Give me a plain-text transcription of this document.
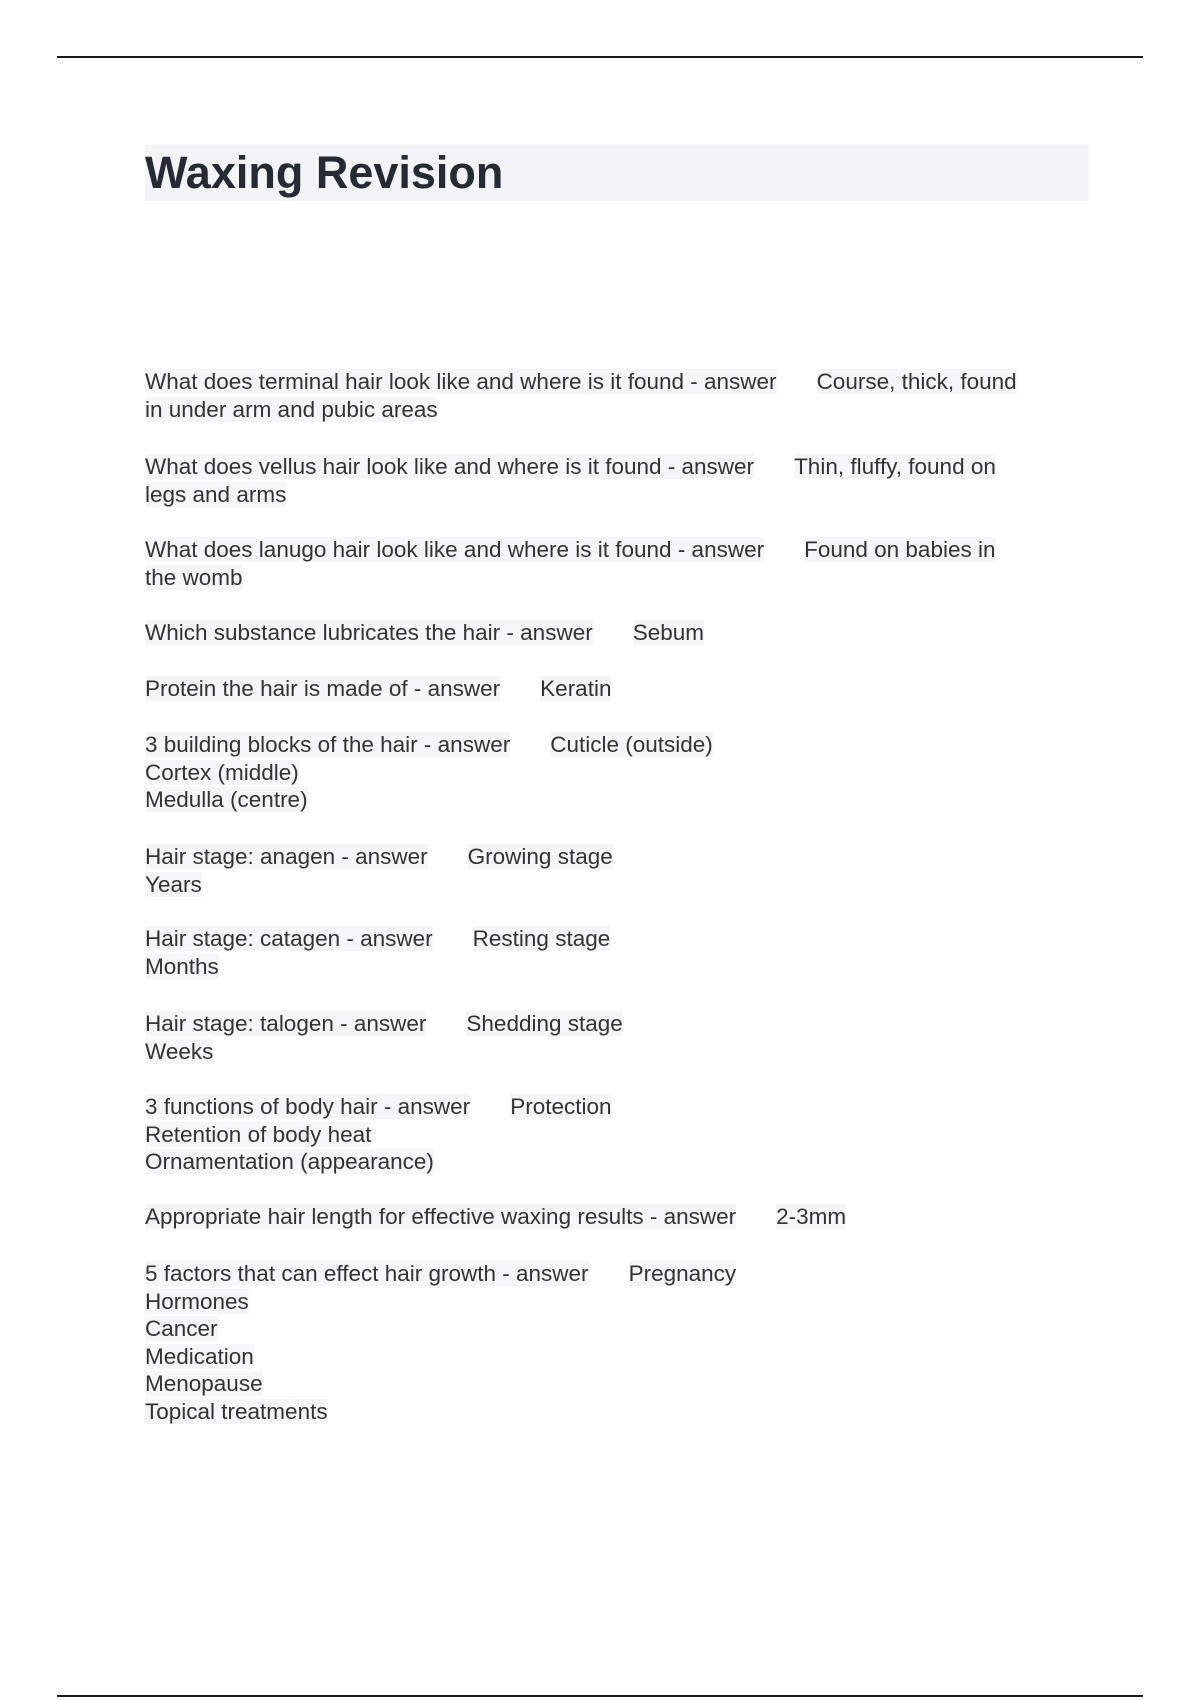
Waxing Revision
What does terminal hair look like and where is it found - answer Course, thick, found
in under arm and pubic areas
What does vellus hair look like and where is it found - answer Thin, fluffy, found on
legs and arms
What does lanugo hair look like and where is it found - answer Found on babies in
the womb
Which substance lubricates the hair - answer Sebum
Protein the hair is made of - answer Keratin
3 building blocks of the hair - answer Cuticle (outside)
Cortex (middle)
Medulla (centre)
Hair stage: anagen - answer Growing stage
Years
Hair stage: catagen - answer Resting stage
Months
Hair stage: talogen - answer Shedding stage
Weeks
3 functions of body hair - answer Protection
Retention of body heat
Ornamentation (appearance)
Appropriate hair length for effective waxing results - answer 2-3mm
5 factors that can effect hair growth - answer Pregnancy
Hormones
Cancer
Medication
Menopause
Topical treatments
